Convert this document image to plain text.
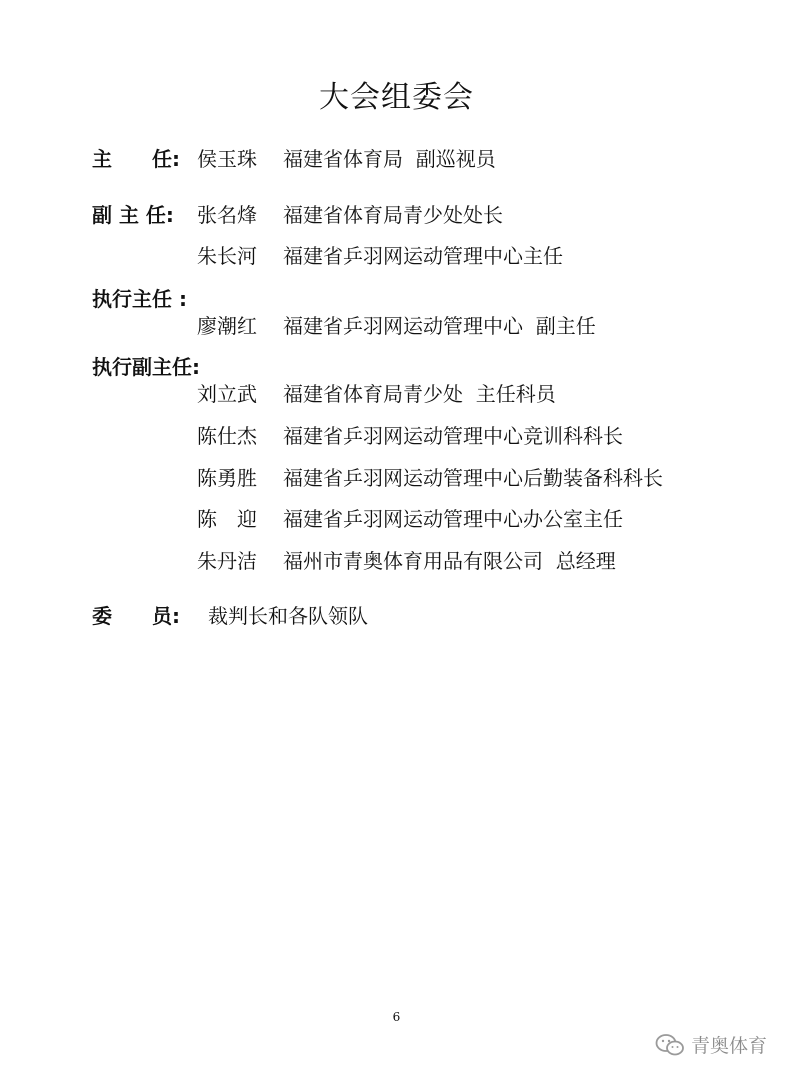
大会组委会
主　　任: 侯玉珠 福建省体育局  副巡视员
副 主 任: 张名烽 福建省体育局青少处处长
朱长河 福建省乒羽网运动管理中心主任
执行主任 :
廖潮红 福建省乒羽网运动管理中心  副主任
执行副主任:
刘立武 福建省体育局青少处  主任科员
陈仕杰 福建省乒羽网运动管理中心竞训科科长
陈勇胜 福建省乒羽网运动管理中心后勤装备科科长
陈　迎 福建省乒羽网运动管理中心办公室主任
朱丹洁 福州市青奥体育用品有限公司  总经理
委　　员: 裁判长和各队领队
6
青奥体育
